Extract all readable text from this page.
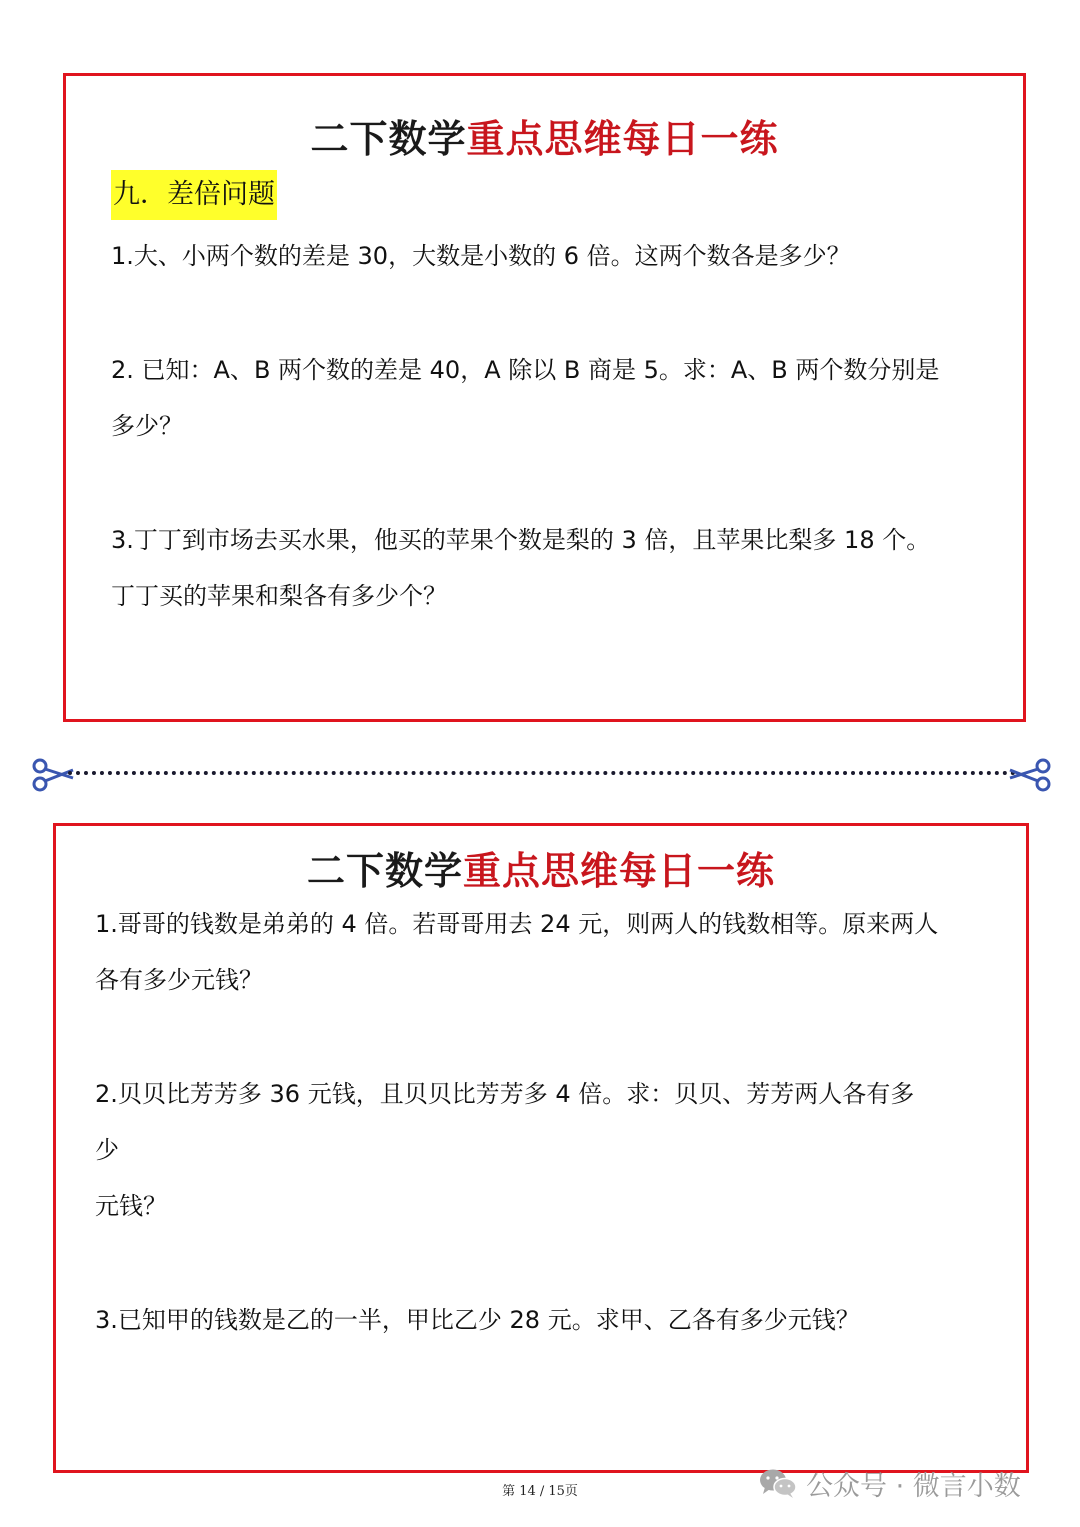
二下数学重点思维每日一练
九．差倍问题
1.大、小两个数的差是 30，大数是小数的 6 倍。这两个数各是多少？
2. 已知：A、B 两个数的差是 40，A 除以 B 商是 5。求：A、B 两个数分别是
多少？
3.丁丁到市场去买水果，他买的苹果个数是梨的 3 倍，且苹果比梨多 18 个。
丁丁买的苹果和梨各有多少个？
二下数学重点思维每日一练
1.哥哥的钱数是弟弟的 4 倍。若哥哥用去 24 元，则两人的钱数相等。原来两人
各有多少元钱？
2.贝贝比芳芳多 36 元钱，且贝贝比芳芳多 4 倍。求：贝贝、芳芳两人各有多
少
元钱？
3.已知甲的钱数是乙的一半，甲比乙少 28 元。求甲、乙各有多少元钱？
第 14 / 15页	公众号 · 微言小数
